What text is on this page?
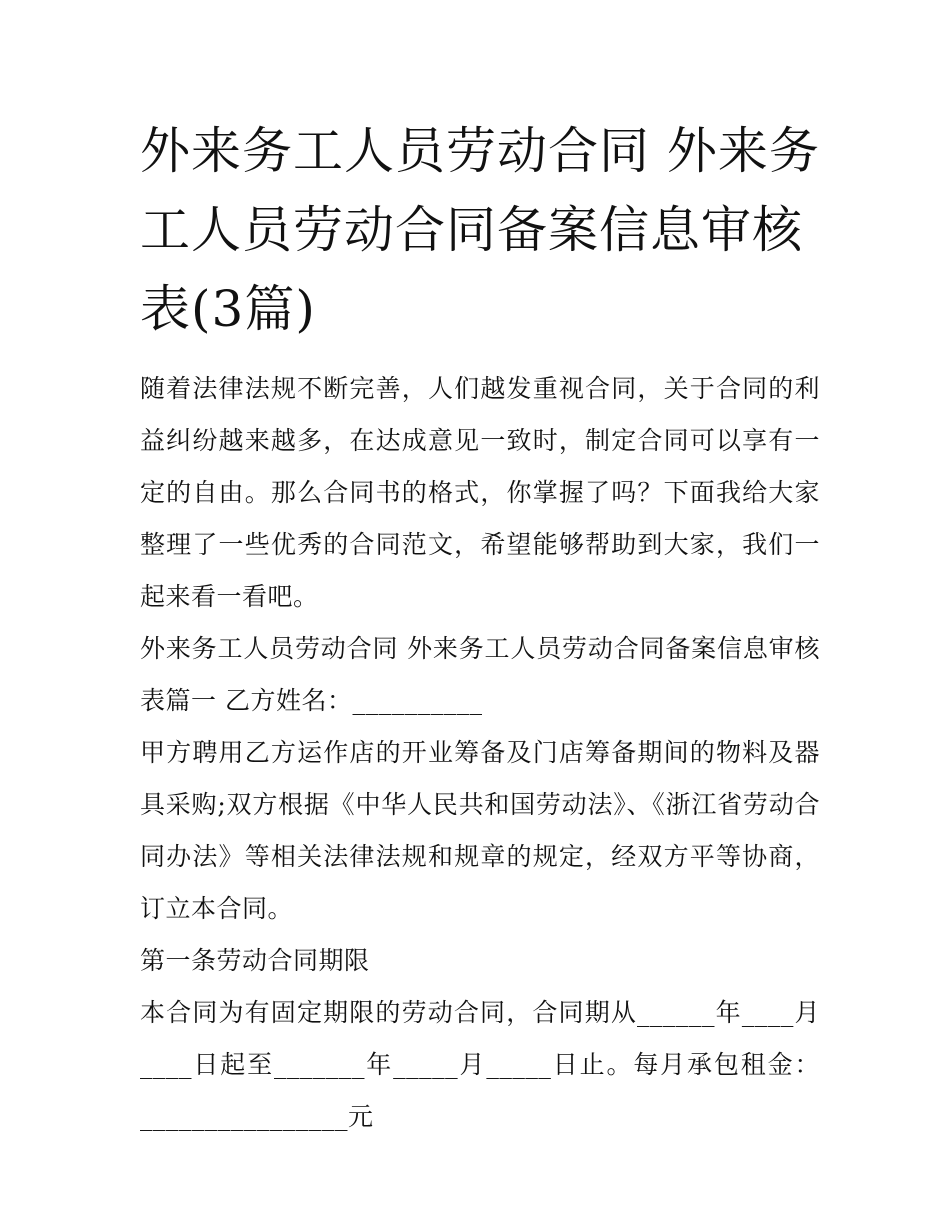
外来务工人员劳动合同 外来务工人员劳动合同备案信息审核表(3篇)

随着法律法规不断完善，人们越发重视合同，关于合同的利益纠纷越来越多，在达成意见一致时，制定合同可以享有一定的自由。那么合同书的格式，你掌握了吗？下面我给大家整理了一些优秀的合同范文，希望能够帮助到大家，我们一起来看一看吧。

外来务工人员劳动合同 外来务工人员劳动合同备案信息审核表篇一 乙方姓名：__________

甲方聘用乙方运作店的开业筹备及门店筹备期间的物料及器具采购;双方根据《中华人民共和国劳动法》、《浙江省劳动合同办法》等相关法律法规和规章的规定，经双方平等协商，订立本合同。

第一条劳动合同期限

本合同为有固定期限的劳动合同，合同期从______年____月____日起至_______年_____月_____日止。每月承包租金：________________元
